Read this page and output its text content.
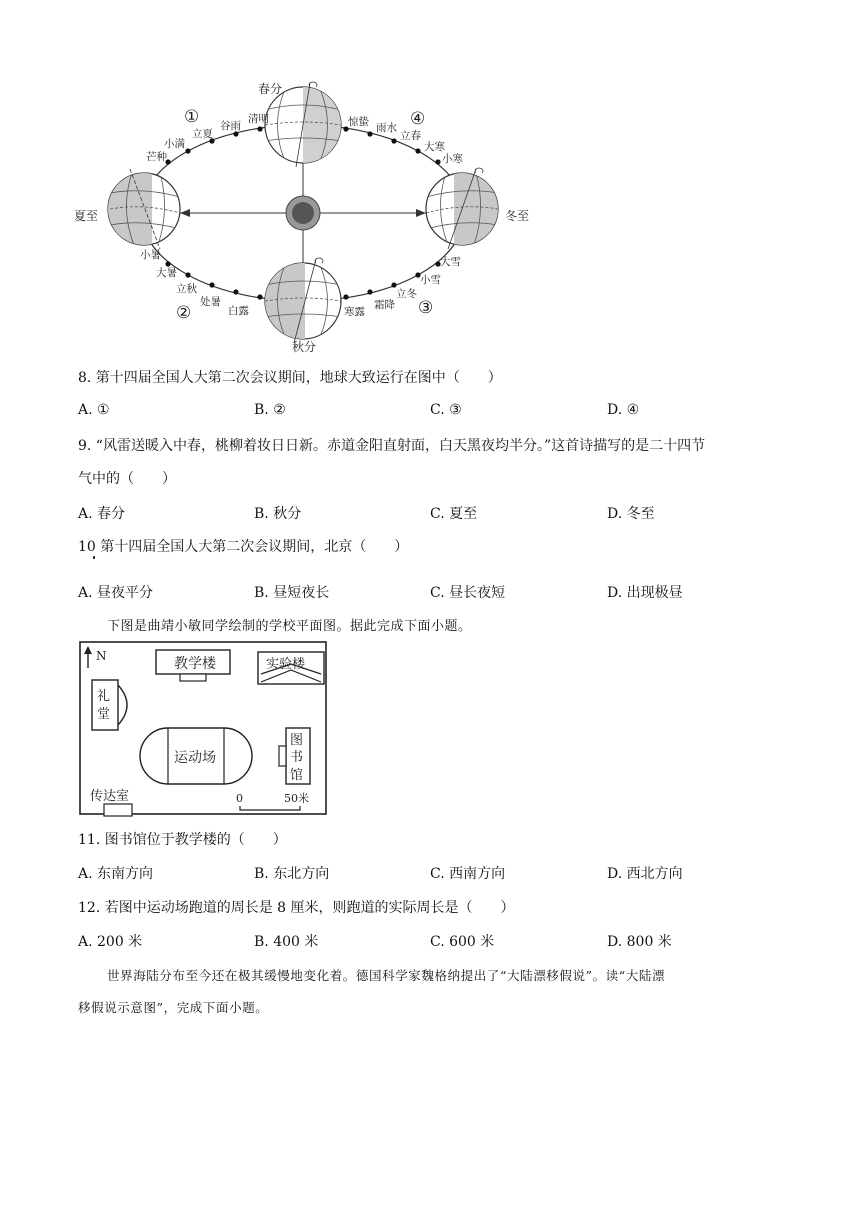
春分
夏至	冬至
秋分
①
②	③
④
清明
谷雨
立夏
小满
芒种
惊蛰 雨水
立春
大寒
小寒
小暑
大暑
立秋
处暑
白露	寒露
霜降
立冬
小雪
大雪
8. 第十四届全国人大第二次会议期间，地球大致运行在图中（　　）
A. ①	B. ②	C. ③	D. ④
9. “风雷送暖入中春，桃柳着妆日日新。赤道金阳直射面，白天黑夜均半分。”这首诗描写的是二十四节
气中的（　　）
A. 春分	B. 秋分	C. 夏至	D. 冬至
10 第十四届全国人大第二次会议期间，北京（　　）
A. 昼夜平分	B. 昼短夜长	C. 昼长夜短	D. 出现极昼
下图是曲靖小敏同学绘制的学校平面图。据此完成下面小题。
N	教学楼	实验楼
礼
堂
运动场
图
书
馆
传达室	0	50米
11. 图书馆位于教学楼的（　　）
A. 东南方向	B. 东北方向	C. 西南方向	D. 西北方向
12. 若图中运动场跑道的周长是 8 厘米，则跑道的实际周长是（　　）
A. 200 米	B. 400 米	C. 600 米	D. 800 米
世界海陆分布至今还在极其缓慢地变化着。德国科学家魏格纳提出了“大陆漂移假说”。读“大陆漂
移假说示意图”，完成下面小题。
